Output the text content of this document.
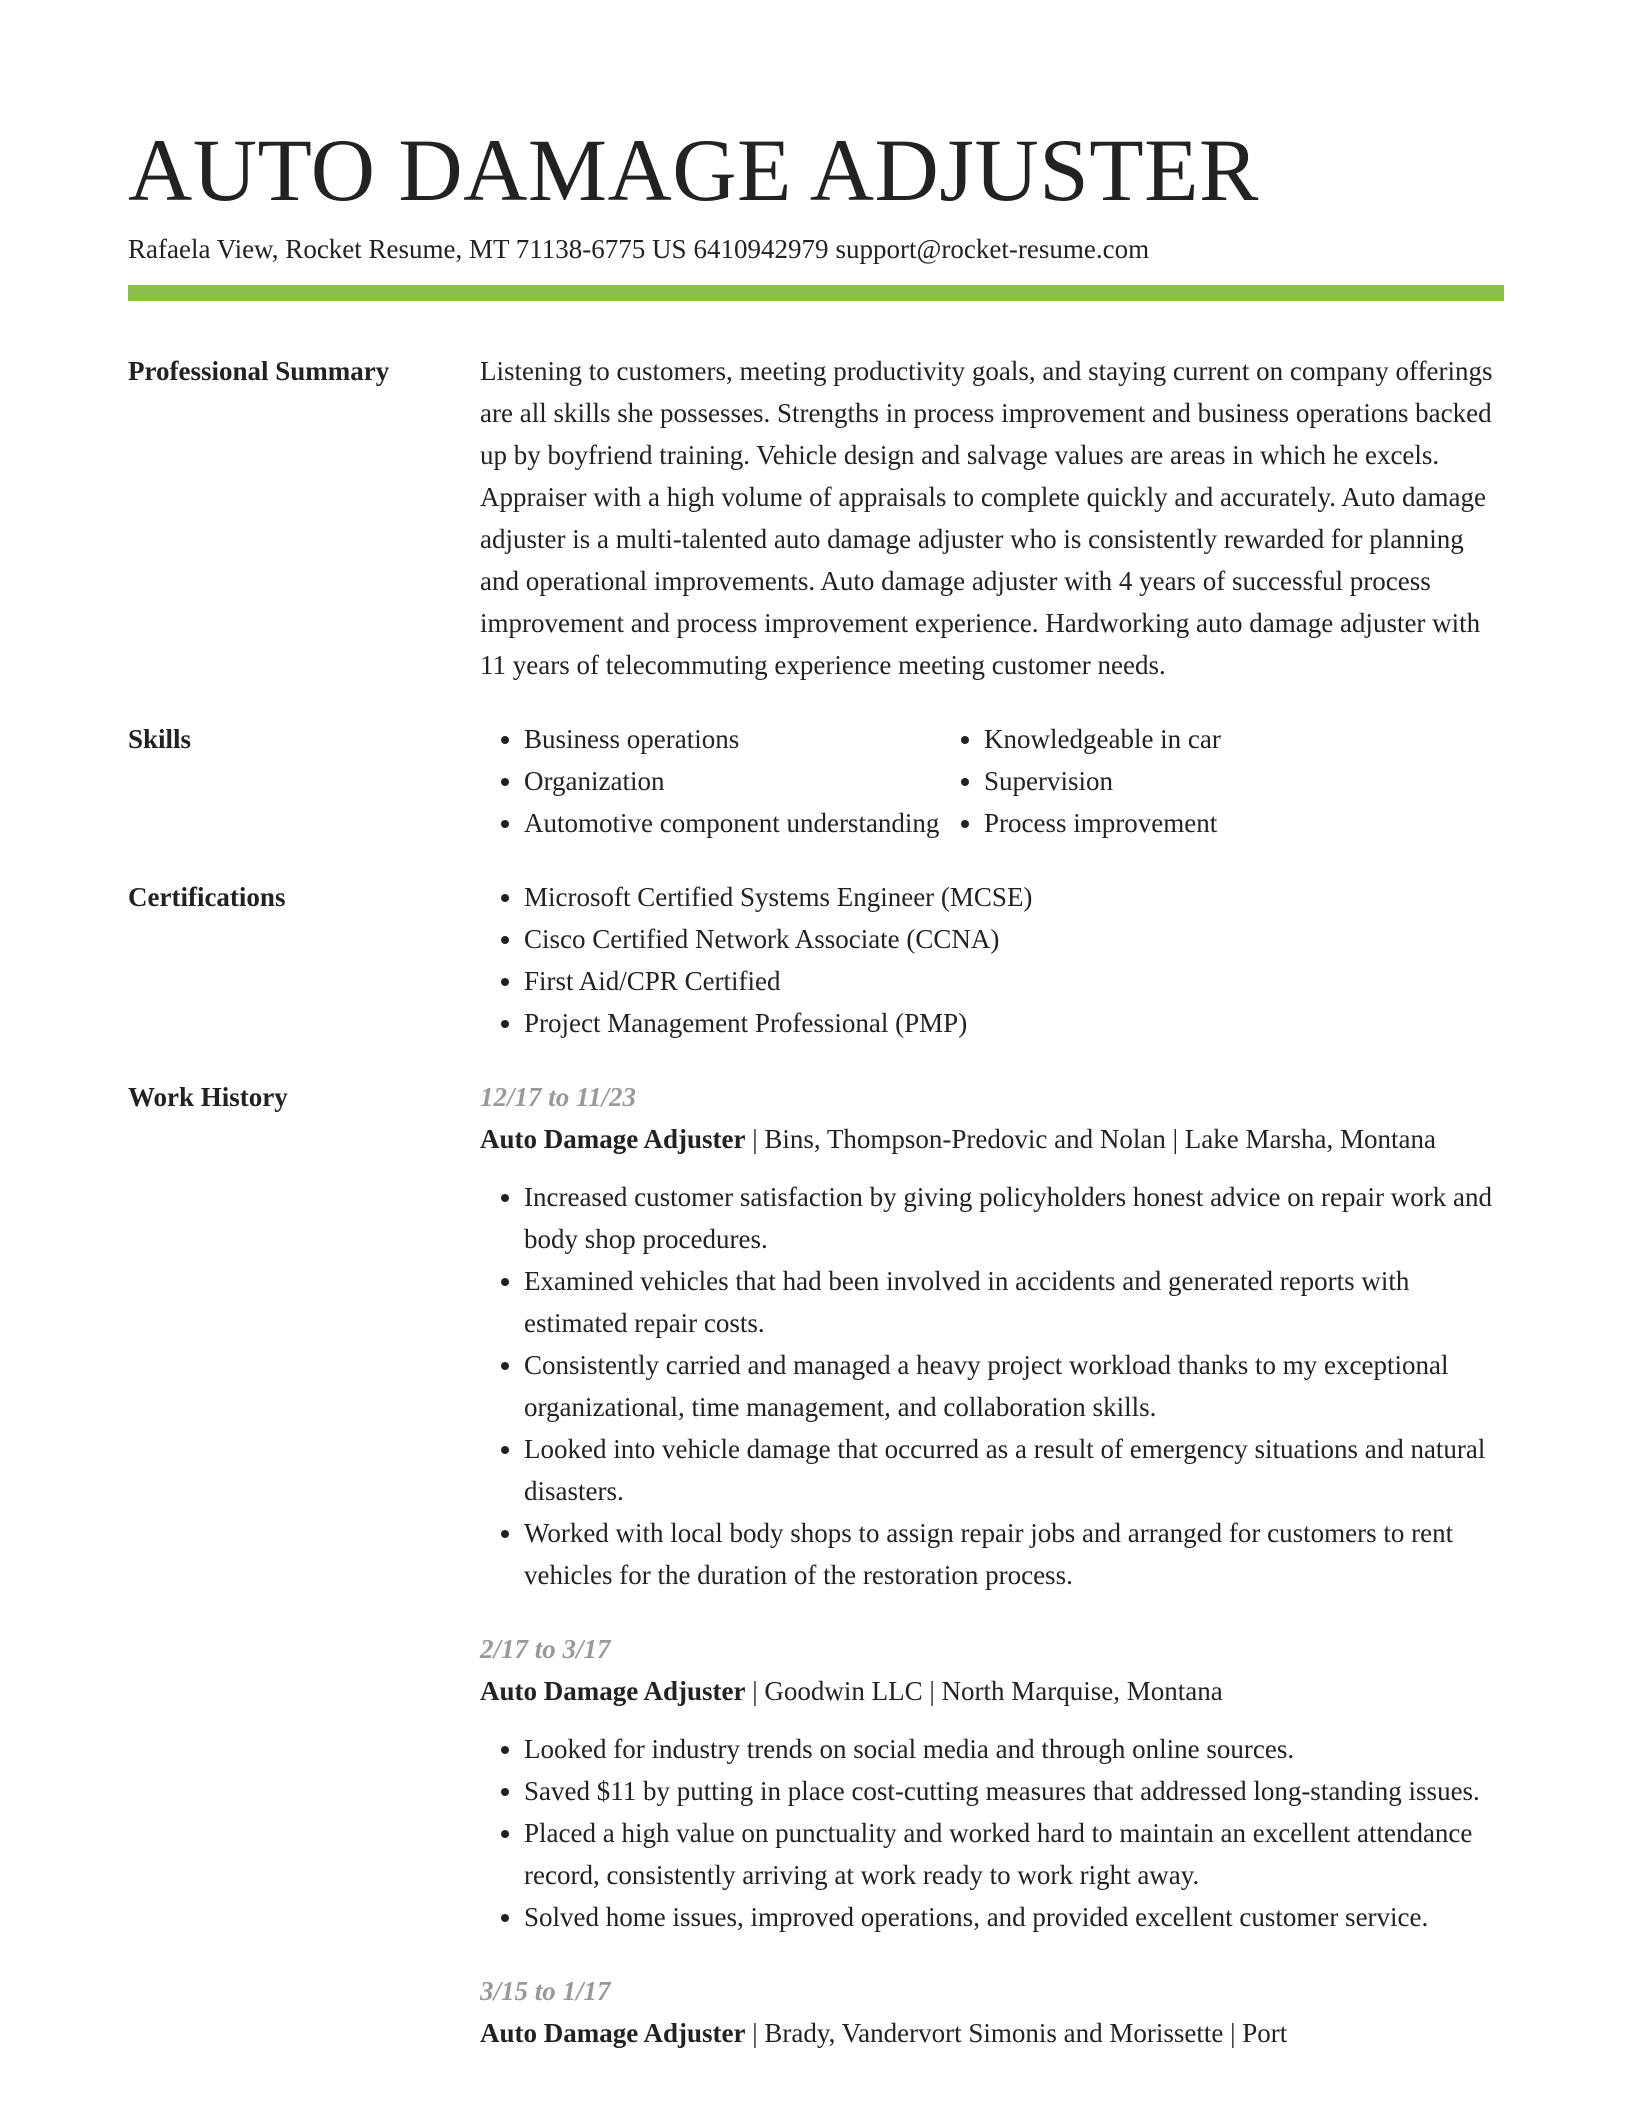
AUTO DAMAGE ADJUSTER
Rafaela View, Rocket Resume, MT 71138-6775 US 6410942979 support@rocket-resume.com
Professional Summary	Listening to customers, meeting productivity goals, and staying current on company offerings are all skills she possesses. Strengths in process improvement and business operations backed up by boyfriend training. Vehicle design and salvage values are areas in which he excels. Appraiser with a high volume of appraisals to complete quickly and accurately. Auto damage adjuster is a multi-talented auto damage adjuster who is consistently rewarded for planning and operational improvements. Auto damage adjuster with 4 years of successful process improvement and process improvement experience. Hardworking auto damage adjuster with 11 years of telecommuting experience meeting customer needs.

Skills	• Business operations
• Organization
• Automotive component understanding
• Knowledgeable in car
• Supervision
• Process improvement
Certifications	• Microsoft Certified Systems Engineer (MCSE)
• Cisco Certified Network Associate (CCNA)
• First Aid/CPR Certified
• Project Management Professional (PMP)
Work History	12/17 to 11/23
Auto Damage Adjuster | Bins, Thompson-Predovic and Nolan | Lake Marsha, Montana
• Increased customer satisfaction by giving policyholders honest advice on repair work and body shop procedures.
• Examined vehicles that had been involved in accidents and generated reports with estimated repair costs.
• Consistently carried and managed a heavy project workload thanks to my exceptional organizational, time management, and collaboration skills.
• Looked into vehicle damage that occurred as a result of emergency situations and natural disasters.
• Worked with local body shops to assign repair jobs and arranged for customers to rent vehicles for the duration of the restoration process.
2/17 to 3/17
Auto Damage Adjuster | Goodwin LLC | North Marquise, Montana
• Looked for industry trends on social media and through online sources.
• Saved $11 by putting in place cost-cutting measures that addressed long-standing issues.
• Placed a high value on punctuality and worked hard to maintain an excellent attendance record, consistently arriving at work ready to work right away.
• Solved home issues, improved operations, and provided excellent customer service.
3/15 to 1/17
Auto Damage Adjuster | Brady, Vandervort Simonis and Morissette | Port
